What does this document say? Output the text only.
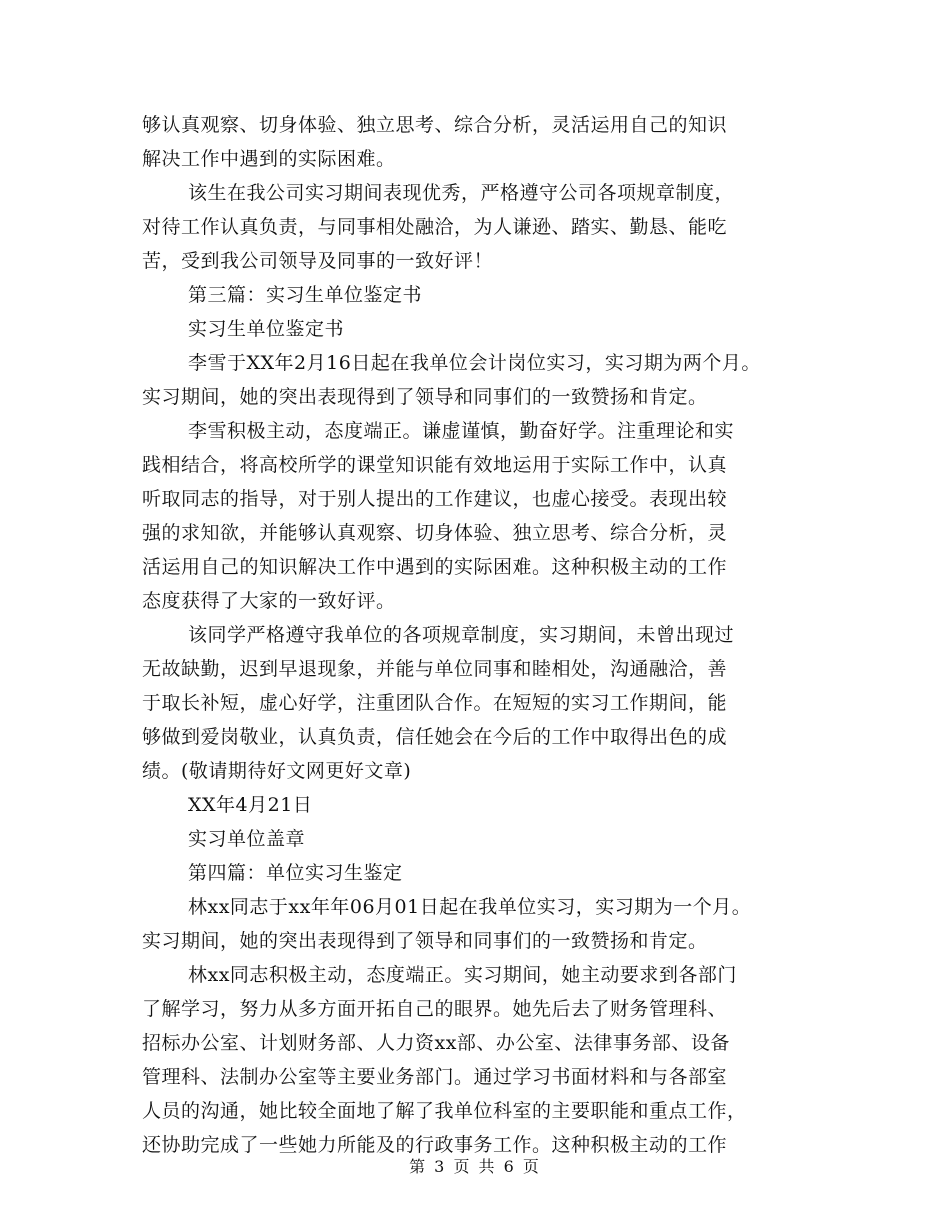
够认真观察、切身体验、独立思考、综合分析，灵活运用自己的知识
解决工作中遇到的实际困难。
该生在我公司实习期间表现优秀，严格遵守公司各项规章制度，
对待工作认真负责，与同事相处融洽，为人谦逊、踏实、勤恳、能吃
苦，受到我公司领导及同事的一致好评！
第三篇：实习生单位鉴定书
实习生单位鉴定书
李雪于XX年2月16日起在我单位会计岗位实习，实习期为两个月。
实习期间，她的突出表现得到了领导和同事们的一致赞扬和肯定。
李雪积极主动，态度端正。谦虚谨慎，勤奋好学。注重理论和实
践相结合，将高校所学的课堂知识能有效地运用于实际工作中，认真
听取同志的指导，对于别人提出的工作建议，也虚心接受。表现出较
强的求知欲，并能够认真观察、切身体验、独立思考、综合分析，灵
活运用自己的知识解决工作中遇到的实际困难。这种积极主动的工作
态度获得了大家的一致好评。
该同学严格遵守我单位的各项规章制度，实习期间，未曾出现过
无故缺勤，迟到早退现象，并能与单位同事和睦相处，沟通融洽，善
于取长补短，虚心好学，注重团队合作。在短短的实习工作期间，能
够做到爱岗敬业，认真负责，信任她会在今后的工作中取得出色的成
绩。(敬请期待好文网更好文章)
XX年4月21日
实习单位盖章
第四篇：单位实习生鉴定
林xx同志于xx年年06月01日起在我单位实习，实习期为一个月。
实习期间，她的突出表现得到了领导和同事们的一致赞扬和肯定。
林xx同志积极主动，态度端正。实习期间，她主动要求到各部门
了解学习，努力从多方面开拓自己的眼界。她先后去了财务管理科、
招标办公室、计划财务部、人力资xx部、办公室、法律事务部、设备
管理科、法制办公室等主要业务部门。通过学习书面材料和与各部室
人员的沟通，她比较全面地了解了我单位科室的主要职能和重点工作，
还协助完成了一些她力所能及的行政事务工作。这种积极主动的工作
第 3 页 共 6 页
